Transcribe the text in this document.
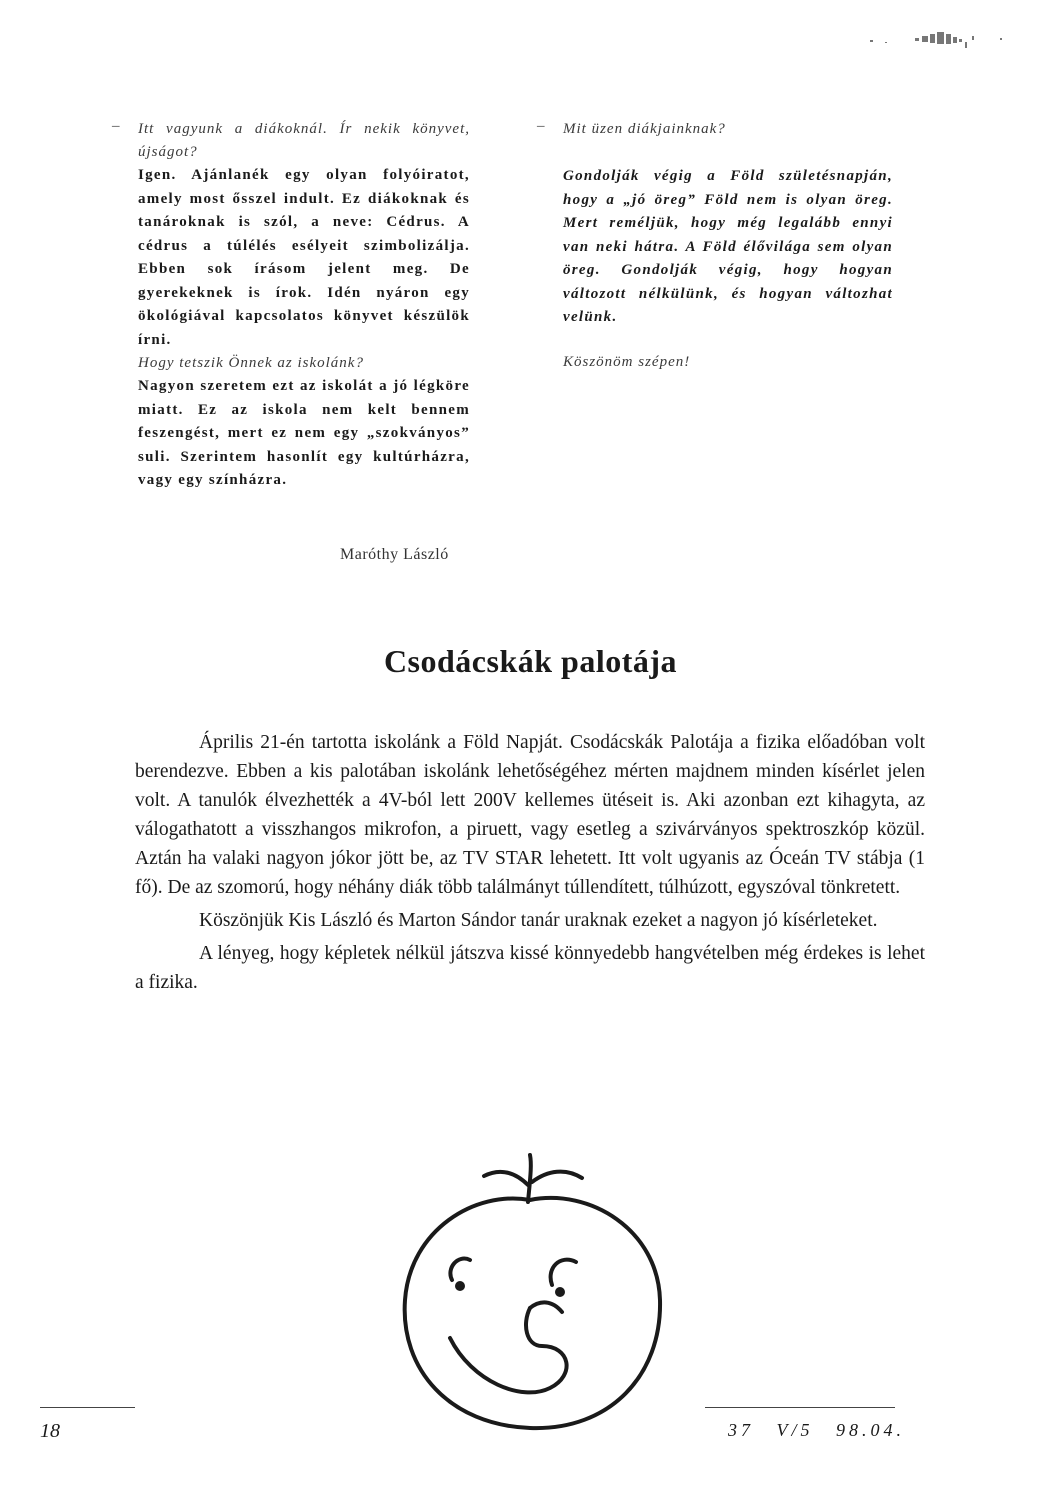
– Itt vagyunk a diákoknál. Ír nekik könyvet, újságot?

Igen. Ajánlanék egy olyan folyóiratot, amely most ősszel indult. Ez diákoknak és tanároknak is szól, a neve: Cédrus. A cédrus a túlélés esélyeit szimbolizálja. Ebben sok írásom jelent meg. De gyerekeknek is írok. Idén nyáron egy ökológiával kapcsolatos könyvet készülök írni.

Hogy tetszik Önnek az iskolánk?

Nagyon szeretem ezt az iskolát a jó légköre miatt. Ez az iskola nem kelt bennem feszengést, mert ez nem egy „szokványos” suli. Szerintem hasonlít egy kultúrházra, vagy egy színházra.

– Mit üzen diákjainknak?

Gondolják végig a Föld születésnapján, hogy a „jó öreg” Föld nem is olyan öreg. Mert reméljük, hogy még legalább ennyi van neki hátra. A Föld élővilága sem olyan öreg. Gondolják végig, hogy hogyan változott nélkülünk, és hogyan változhat velünk.

Köszönöm szépen!

Maróthy László
Csodácskák palotája

Április 21-én tartotta iskolánk a Föld Napját. Csodácskák Palotája a fizika előadóban volt berendezve. Ebben a kis palotában iskolánk lehetőségéhez mérten majdnem minden kísérlet jelen volt. A tanulók élvezhették a 4V-ból lett 200V kellemes ütéseit is. Aki azonban ezt kihagyta, az válogathatott a visszhangos mikrofon, a piruett, vagy esetleg a szivárványos spektroszkóp közül. Aztán ha valaki nagyon jókor jött be, az TV STAR lehetett. Itt volt ugyanis az Óceán TV stábja (1 fő). De az szomorú, hogy néhány diák több találmányt túllendített, túlhúzott, egyszóval tönkretett.

Köszönjük Kis László és Marton Sándor tanár uraknak ezeket a nagyon jó kísérleteket.

A lényeg, hogy képletek nélkül játszva kissé könnyedebb hangvételben még érdekes is lehet a fizika.

18	37 V/5 98.04.
